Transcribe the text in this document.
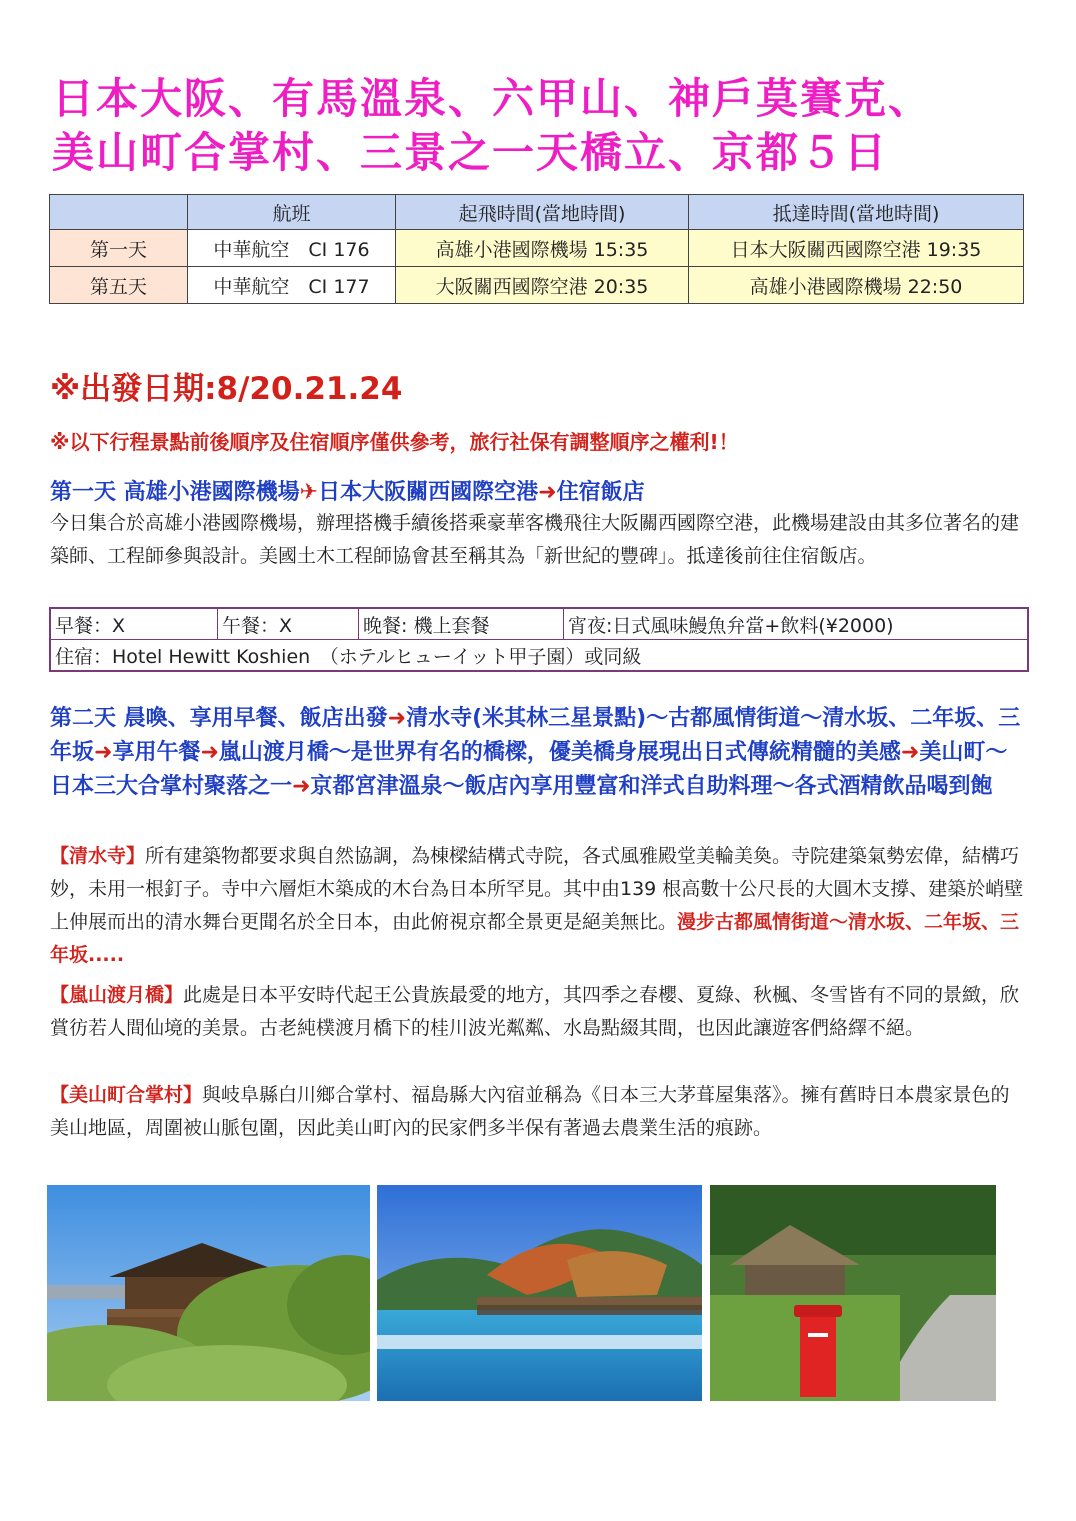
日本大阪、有馬溫泉、六甲山、神戶莫賽克、
美山町合掌村、三景之一天橋立、京都５日
	航班	起飛時間(當地時間)	抵達時間(當地時間)
第一天	中華航空　CI 176	高雄小港國際機場 15:35	日本大阪關西國際空港 19:35
第五天	中華航空　CI 177	大阪關西國際空港 20:35	高雄小港國際機場 22:50
※出發日期:8/20.21.24
※以下行程景點前後順序及住宿順序僅供參考，旅行社保有調整順序之權利!！
第一天 高雄小港國際機場✈日本大阪關西國際空港➜住宿飯店
今日集合於高雄小港國際機場，辦理搭機手續後搭乘豪華客機飛往大阪關西國際空港，此機場建設由其多位著名的建築師、工程師參與設計。美國土木工程師協會甚至稱其為「新世紀的豐碑」。抵達後前往住宿飯店。
早餐：X	午餐：X	晚餐: 機上套餐	宵夜:日式風味鰻魚弁當+飲料(¥2000)
住宿：Hotel Hewitt Koshien　（ホテルヒューイット甲子園）或同級
第二天 晨喚、享用早餐、飯店出發➜清水寺(米其林三星景點)～古都風情街道～清水坂、二年坂、三年坂➜享用午餐➜嵐山渡月橋～是世界有名的橋樑，優美橋身展現出日式傳統精髓的美感➜美山町～日本三大合掌村聚落之一➜京都宮津溫泉～飯店內享用豐富和洋式自助料理～各式酒精飲品喝到飽
【清水寺】所有建築物都要求與自然協調，為棟樑結構式寺院，各式風雅殿堂美輪美奐。寺院建築氣勢宏偉，結構巧妙，未用一根釘子。寺中六層炬木築成的木台為日本所罕見。其中由139 根高數十公尺長的大圓木支撐、建築於峭壁上伸展而出的清水舞台更聞名於全日本，由此俯視京都全景更是絕美無比。漫步古都風情街道～清水坂、二年坂、三年坂.....
【嵐山渡月橋】此處是日本平安時代起王公貴族最愛的地方，其四季之春櫻、夏綠、秋楓、冬雪皆有不同的景緻，欣賞彷若人間仙境的美景。古老純樸渡月橋下的桂川波光粼粼、水島點綴其間，也因此讓遊客們絡繹不絕。
【美山町合掌村】與岐阜縣白川鄉合掌村、福島縣大內宿並稱為《日本三大茅葺屋集落》。擁有舊時日本農家景色的美山地區，周圍被山脈包圍，因此美山町內的民家們多半保有著過去農業生活的痕跡。
